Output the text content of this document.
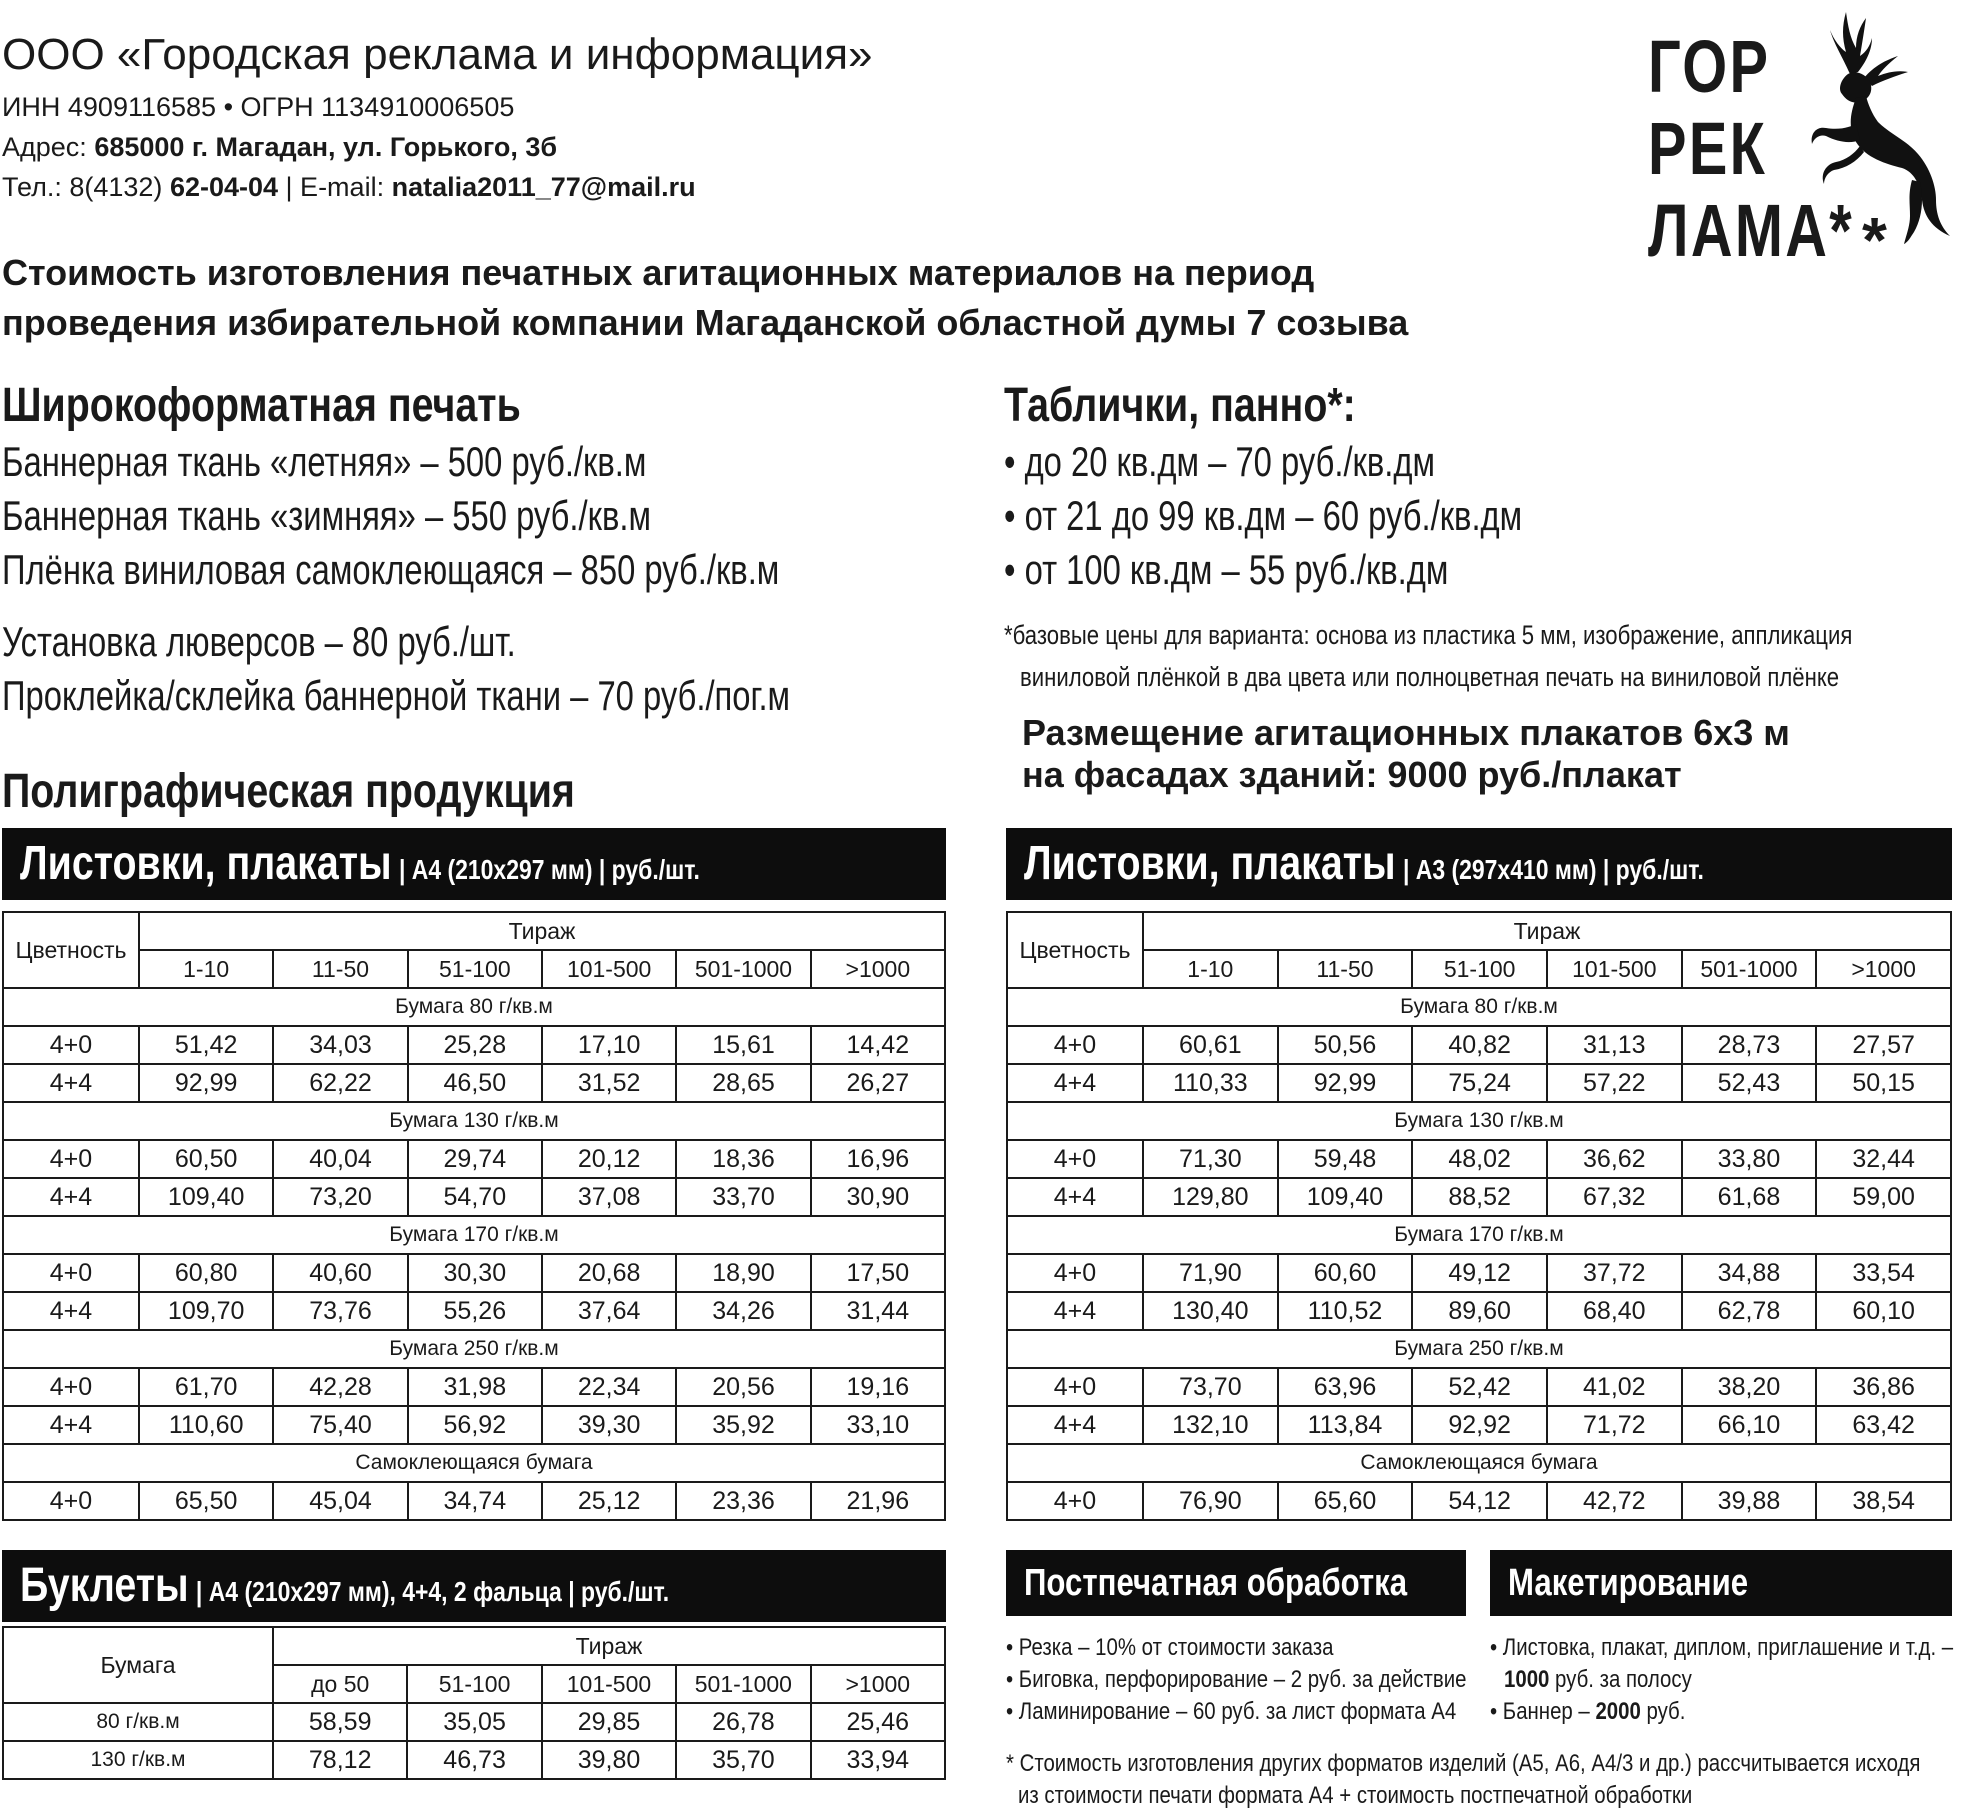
ООО «Городская реклама и информация»
ИНН 4909116585 • ОГРН 1134910006505
Адрес: 685000 г. Магадан, ул. Горького, 3б
Тел.: 8(4132) 62-04-04 | E-mail: natalia2011_77@mail.ru
Стоимость изготовления печатных агитационных материалов на период
проведения избирательной компании Магаданской областной думы 7 созыва
ГОР
РЕК
ЛАМА* *
Широкоформатная печать
Баннерная ткань «летняя» – 500 руб./кв.м
Баннерная ткань «зимняя» – 550 руб./кв.м
Плёнка виниловая самоклеющаяся – 850 руб./кв.м
Установка люверсов – 80 руб./шт.
Проклейка/склейка баннерной ткани – 70 руб./пог.м
Таблички, панно*:
• до 20 кв.дм – 70 руб./кв.дм
• от 21 до 99 кв.дм – 60 руб./кв.дм
• от 100 кв.дм – 55 руб./кв.дм
*базовые цены для варианта: основа из пластика 5 мм, изображение, аппликация
виниловой плёнкой в два цвета или полноцветная печать на виниловой плёнке
Размещение агитационных плакатов 6х3 м
на фасадах зданий: 9000 руб./плакат
Полиграфическая продукция
Листовки, плакаты | А4 (210х297 мм) | руб./шт.	Листовки, плакаты | А3 (297х410 мм) | руб./шт.
Цветность	Тираж					
	1-10	11-50	51-100	101-500	501-1000	>1000
Бумага 80 г/кв.м						
4+0	51,42	34,03	25,28	17,10	15,61	14,42
4+4	92,99	62,22	46,50	31,52	28,65	26,27
Бумага 130 г/кв.м						
4+0	60,50	40,04	29,74	20,12	18,36	16,96
4+4	109,40	73,20	54,70	37,08	33,70	30,90
Бумага 170 г/кв.м						
4+0	60,80	40,60	30,30	20,68	18,90	17,50
4+4	109,70	73,76	55,26	37,64	34,26	31,44
Бумага 250 г/кв.м						
4+0	61,70	42,28	31,98	22,34	20,56	19,16
4+4	110,60	75,40	56,92	39,30	35,92	33,10
Самоклеющаяся бумага						
4+0	65,50	45,04	34,74	25,12	23,36	21,96
Цветность	Тираж					
	1-10	11-50	51-100	101-500	501-1000	>1000
Бумага 80 г/кв.м						
4+0	60,61	50,56	40,82	31,13	28,73	27,57
4+4	110,33	92,99	75,24	57,22	52,43	50,15
Бумага 130 г/кв.м						
4+0	71,30	59,48	48,02	36,62	33,80	32,44
4+4	129,80	109,40	88,52	67,32	61,68	59,00
Бумага 170 г/кв.м						
4+0	71,90	60,60	49,12	37,72	34,88	33,54
4+4	130,40	110,52	89,60	68,40	62,78	60,10
Бумага 250 г/кв.м						
4+0	73,70	63,96	52,42	41,02	38,20	36,86
4+4	132,10	113,84	92,92	71,72	66,10	63,42
Самоклеющаяся бумага						
4+0	76,90	65,60	54,12	42,72	39,88	38,54
Буклеты | А4 (210х297 мм), 4+4, 2 фальца | руб./шт.
Бумага	Тираж				
	до 50	51-100	101-500	501-1000	>1000
80 г/кв.м	58,59	35,05	29,85	26,78	25,46
130 г/кв.м	78,12	46,73	39,80	35,70	33,94
Постпечатная обработка
• Резка – 10% от стоимости заказа
• Биговка, перфорирование – 2 руб. за действие
• Ламинирование – 60 руб. за лист формата А4
Макетирование
• Листовка, плакат, диплом, приглашение и т.д. –
1000 руб. за полосу
• Баннер – 2000 руб.
* Стоимость изготовления других форматов изделий (А5, А6, А4/3 и др.) рассчитывается исходя
из стоимости печати формата А4 + стоимость постпечатной обработки
